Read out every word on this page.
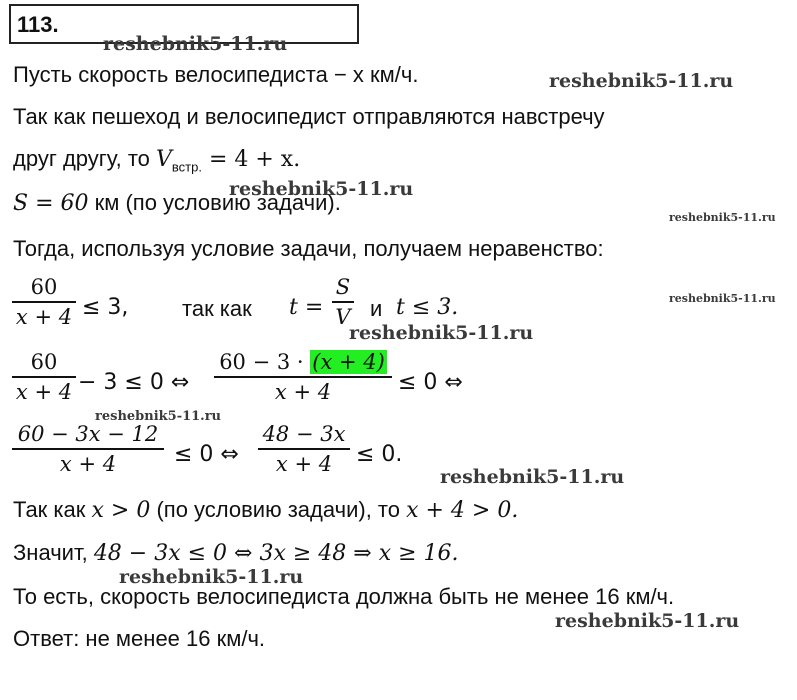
113.
Пусть скорость велосипедиста − x км/ч.
Так как пешеход и велосипедист отправляются навстречу
друг другу, то $V_{встр.} = 4 + x$.
S = 60 км (по условию задачи).
Тогда, используя условие задачи, получаем неравенство:
60
x + 4 ≤ 3, так как t =
S
V и t ≤ 3.
60
x + 4 − 3 ≤ 0 ⇔
60 − 3 · (x + 4)
x + 4	≤ 0 ⇔
60 − 3x − 12
x + 4	≤ 0 ⇔
48 − 3x
x + 4 ≤ 0.
Так как x > 0 (по условию задачи), то x + 4 > 0.
Значит, 48 − 3x ≤ 0 ⇔ 3x ≥ 48 ⇒ x ≥ 16.
То есть, скорость велосипедиста должна быть не менее 16 км/ч.
Ответ: не менее 16 км/ч.
reshebnik5-11.ru
reshebnik5-11.ru
reshebnik5-11.ru
reshebnik5-11.ru
reshebnik5-11.ru
reshebnik5-11.ru
reshebnik5-11.ru
reshebnik5-11.ru
reshebnik5-11.ru
reshebnik5-11.ru
